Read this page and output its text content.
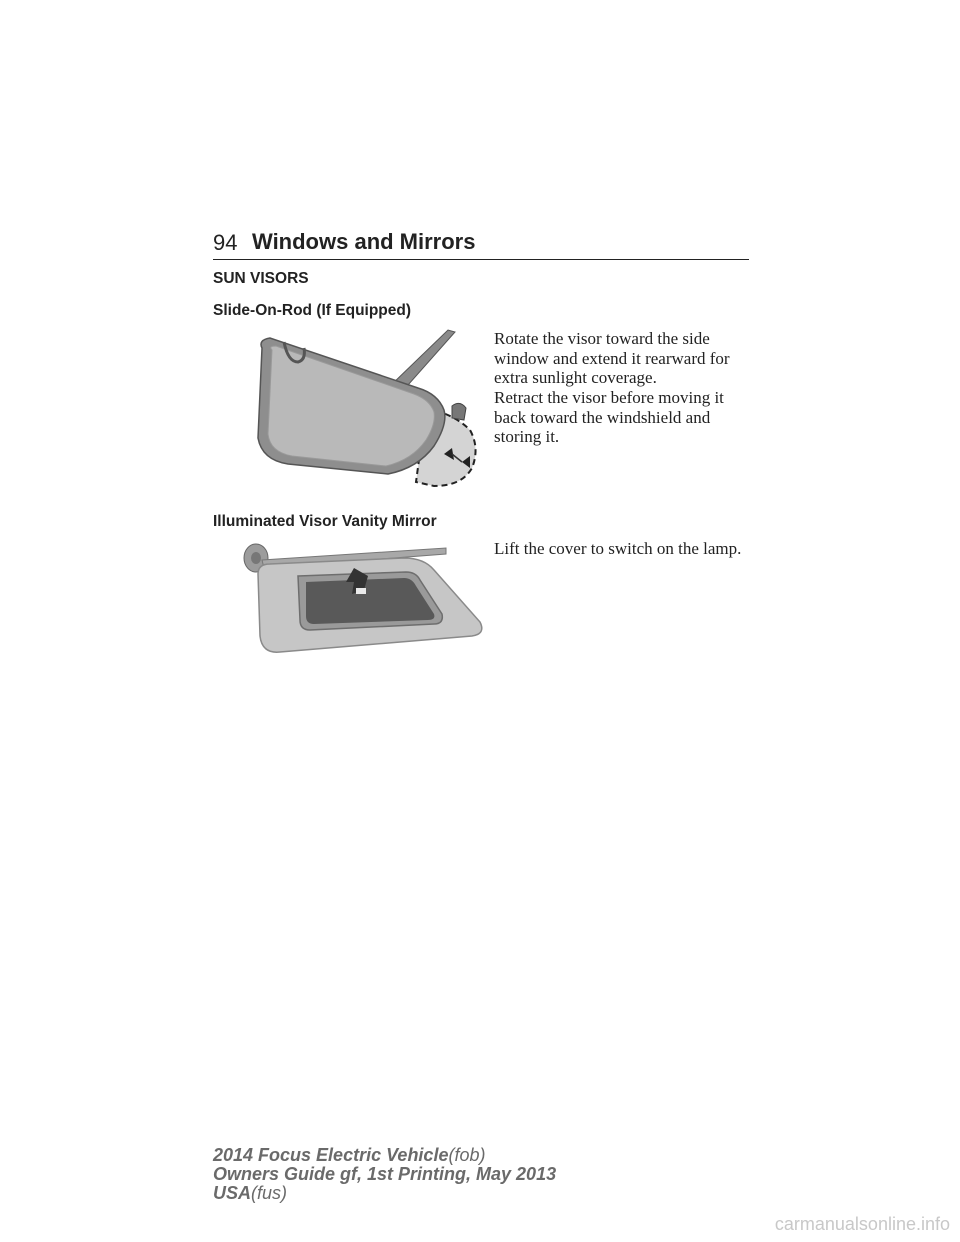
94 Windows and Mirrors
SUN VISORS
Slide-On-Rod (If Equipped)

Rotate the visor toward the side window and extend it rearward for extra sunlight coverage.

Retract the visor before moving it back toward the windshield and storing it.

Illuminated Visor Vanity Mirror

Lift the cover to switch on the lamp.

2014 Focus Electric Vehicle(fob)
Owners Guide gf, 1st Printing, May 2013
USA(fus)
carmanualsonline.info
